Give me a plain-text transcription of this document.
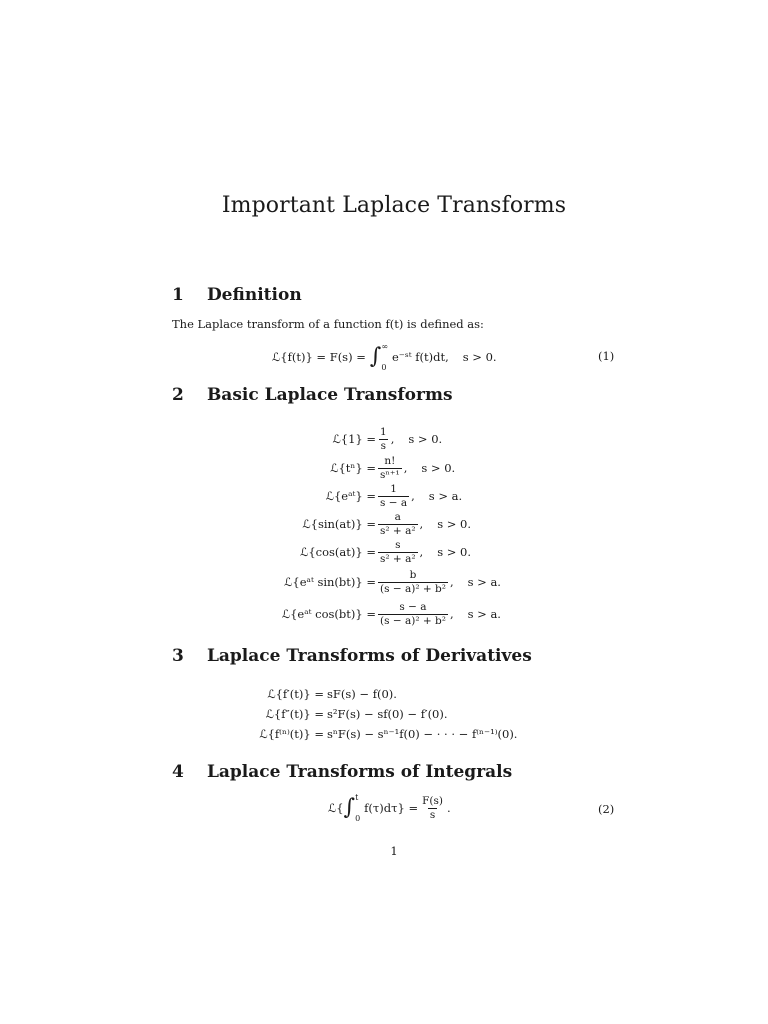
Important Laplace Transforms
1 Definition
The Laplace transform of a function f(t) is defined as:
ℒ{f(t)} = F(s) = ∫ ∞
0
e⁻ˢᵗ f(t)dt, s > 0.	(1)
2 Basic Laplace Transforms
ℒ{1} = $\frac{1}{s}$ , s > 0.
ℒ{tⁿ} = $\frac{n!}{\text{sⁿ⁺¹}}$ , s > 0.
ℒ{eᵃᵗ} = $\frac{1}{s - a}$ , s > a.
ℒ{sin(at)} = $\frac{a}{\text{s² + a²}}$ , s > 0.
ℒ{cos(at)} = $\frac{s}{\text{s² + a²}}$ , s > 0.
ℒ{eᵃᵗ $\sin(bt)\} = \frac{b}{\text{(s − a)² + b²}}$ , s > a.
ℒ{eᵃᵗ $\cos(bt)\} = \frac{s - a}{\text{(s − a)² + b²}}$ , s > a.
3 Laplace Transforms of Derivatives
ℒ{f′(t)} = sF(s) − f(0).
ℒ{f″(t)} = s²F(s) − sf(0) − f′(0).
ℒ{f⁽ⁿ⁾(t)} = sⁿF(s) − sⁿ⁻¹f(0) − · · · − f⁽ⁿ⁻¹⁾(0).
4 Laplace Transforms of Integrals
ℒ{ ∫ t
0
$f(\tau)d\tau\} = \frac{F(s)}{s}$ .	(2)
1
